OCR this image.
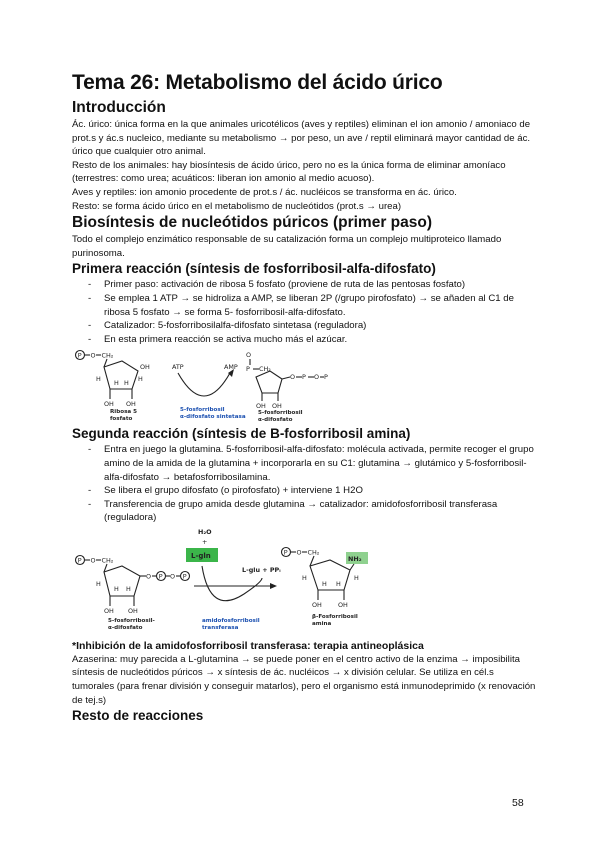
Tema 26: Metabolismo del ácido úrico
Introducción

Ác. úrico: única forma en la que animales uricotélicos (aves y reptiles) eliminan el ion amonio / amoniaco de prot.s y ác.s nucleico, mediante su metabolismo → por peso, un ave / reptil eliminará mayor cantidad de ác. úrico que cualquier otro animal.

Resto de los animales: hay biosíntesis de ácido úrico, pero no es la única forma de eliminar amoníaco (terrestres: como urea; acuáticos: liberan ion amonio al medio acuoso).

Aves y reptiles: ion amonio procedente de prot.s / ác. nucléicos se transforma en ác. úrico.

Resto: se forma ácido úrico en el metabolismo de nucleótidos (prot.s → urea)

Biosíntesis de nucleótidos púricos (primer paso)

Todo el complejo enzimático responsable de su catalización forma un complejo multiproteico llamado purinosoma.

Primera reacción (síntesis de fosforribosil-alfa-difosfato)
- Primer paso: activación de ribosa 5 fosfato (proviene de ruta de las pentosas fosfato)
- Se emplea 1 ATP → se hidroliza a AMP, se liberan 2P (/grupo pirofosfato) → se añaden al C1 de ribosa 5 fosfato → se forma 5- fosforribosil-alfa-difosfato.
- Catalizador: 5-fosforribosilalfa-difosfato sintetasa (reguladora)
- En esta primera reacción se activa mucho más el azúcar.
P O CH₂
OH OH
H	H
H H
OH
Ribosa 5
fosfato
ATP	AMP
5-fosforribosil
α-difosfato sintetasa
O
P CH₂
OH OH
O P O P
5-fosforribosil
α-difosfato
Segunda reacción (síntesis de B-fosforribosil amina)
- Entra en juego la glutamina. 5-fosforribosil-alfa-difosfato: molécula activada, permite recoger el grupo amino de la amida de la glutamina + incorporarla en su C1: glutamina → glutámico y 5-fosforribosil-alfa-difosfato → betafosforribosilamina.
- Se libera el grupo difosfato (o pirofosfato) + interviene 1 H2O
- Transferencia de grupo amida desde glutamina → catalizador: amidofosforribosil transferasa (reguladora)
P O CH₂
OH OH
H
H H
O P O P
5-fosforribosil-
α-difosfato
H₂O
+
L-gln
L-glu + PPᵢ
amidofosforribosil
transferasa
P O CH₂
NH₂
OH	OH
H	H
H H
β-Fosforribosil
amina
*Inhibición de la amidofosforribosil transferasa: terapia antineoplásica

Azaserina: muy parecida a L-glutamina → se puede poner en el centro activo de la enzima → imposibilita síntesis de nucleótidos púricos → x síntesis de ác. nucléicos → x división celular. Se utiliza en cél.s tumorales (para frenar división y conseguir matarlos), pero el organismo está inmunodeprimido (x renovación de tej.s)

Resto de reacciones
58
